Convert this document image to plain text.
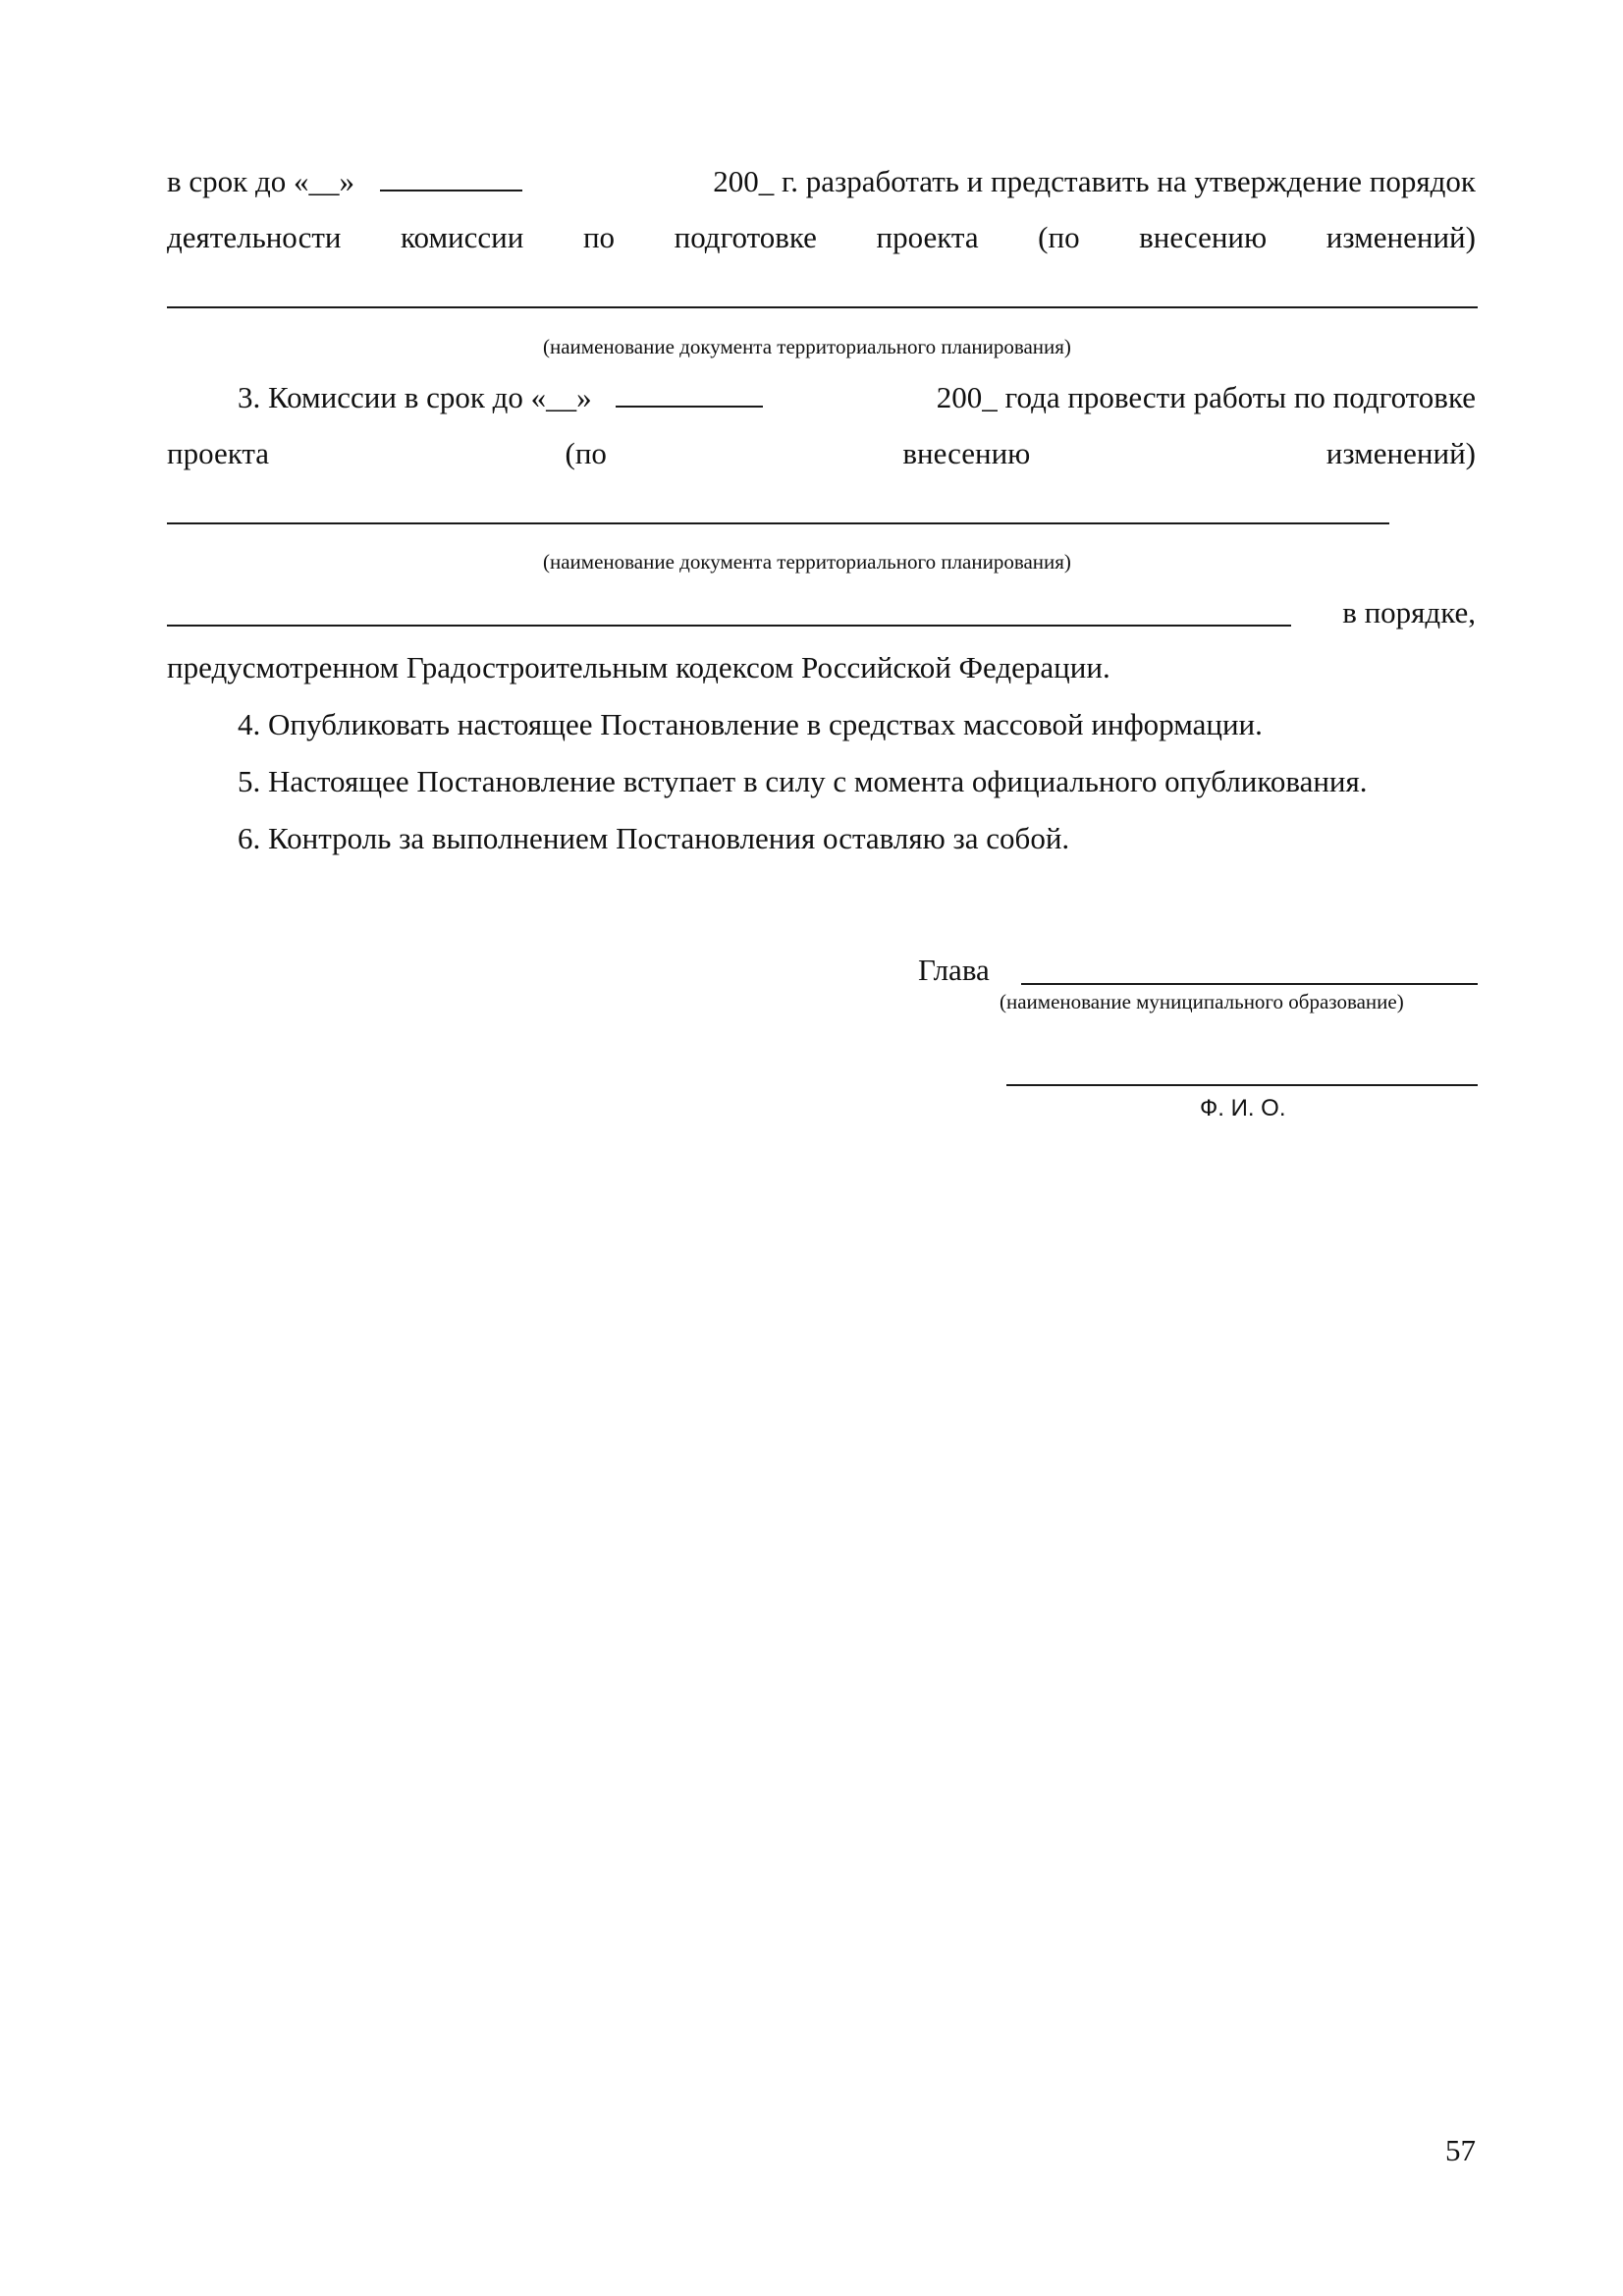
в срок до «__»	200_ г. разработать и представить на утверждение порядок
деятельности комиссии по подготовке проекта (по внесению изменений)
(наименование документа территориального планирования)
3. Комиссии в срок до «__»	200_ года провести работы по подготовке
проекта	(по	внесению	изменений)
(наименование документа территориального планирования)
в порядке,
предусмотренном Градостроительным кодексом Российской Федерации.
4. Опубликовать настоящее Постановление в средствах массовой информации.
5. Настоящее Постановление вступает в силу с момента официального опубликования.
6. Контроль за выполнением Постановления оставляю за собой.
Глава
(наименование муниципального образование)
Ф. И. О.
57
